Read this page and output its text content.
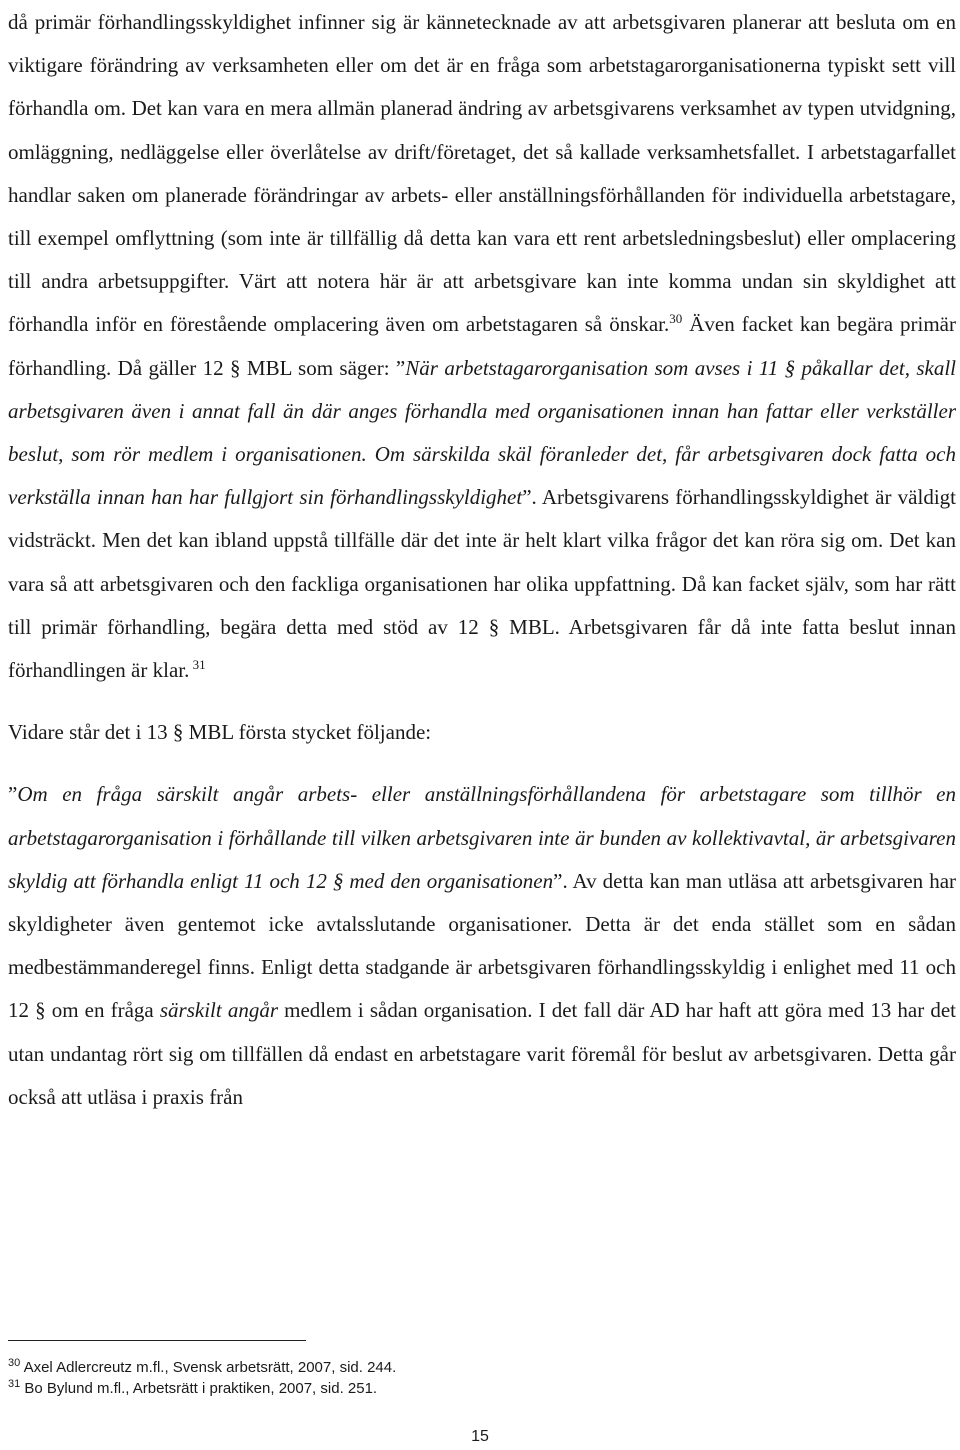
då primär förhandlingsskyldighet infinner sig är kännetecknade av att arbetsgivaren planerar att besluta om en viktigare förändring av verksamheten eller om det är en fråga som arbetstagarorganisationerna typiskt sett vill förhandla om. Det kan vara en mera allmän planerad ändring av arbetsgivarens verksamhet av typen utvidgning, omläggning, nedläggelse eller överlåtelse av drift/företaget, det så kallade verksamhetsfallet. I arbetstagarfallet handlar saken om planerade förändringar av arbets- eller anställningsförhållanden för individuella arbetstagare, till exempel omflyttning (som inte är tillfällig då detta kan vara ett rent arbetsledningsbeslut) eller omplacering till andra arbetsuppgifter. Värt att notera här är att arbetsgivare kan inte komma undan sin skyldighet att förhandla inför en förestående omplacering även om arbetstagaren så önskar.$^{30}$ Även facket kan begära primär förhandling. Då gäller 12 § MBL som säger: ”När arbetstagarorganisation som avses i 11 § påkallar det, skall arbetsgivaren även i annat fall än där anges förhandla med organisationen innan han fattar eller verkställer beslut, som rör medlem i organisationen. Om särskilda skäl föranleder det, får arbetsgivaren dock fatta och verkställa innan han har fullgjort sin förhandlingsskyldighet”. Arbetsgivarens förhandlingsskyldighet är väldigt vidsträckt. Men det kan ibland uppstå tillfälle där det inte är helt klart vilka frågor det kan röra sig om. Det kan vara så att arbetsgivaren och den fackliga organisationen har olika uppfattning. Då kan facket själv, som har rätt till primär förhandling, begära detta med stöd av 12 § MBL. Arbetsgivaren får då inte fatta beslut innan förhandlingen är klar. $^{31}$

Vidare står det i 13 § MBL första stycket följande:

”Om en fråga särskilt angår arbets- eller anställningsförhållandena för arbetstagare som tillhör en arbetstagarorganisation i förhållande till vilken arbetsgivaren inte är bunden av kollektivavtal, är arbetsgivaren skyldig att förhandla enligt 11 och 12 § med den organisationen”. Av detta kan man utläsa att arbetsgivaren har skyldigheter även gentemot icke avtalsslutande organisationer. Detta är det enda stället som en sådan medbestämmanderegel finns. Enligt detta stadgande är arbetsgivaren förhandlingsskyldig i enlighet med 11 och 12 § om en fråga särskilt angår medlem i sådan organisation. I det fall där AD har haft att göra med 13 har det utan undantag rört sig om tillfällen då endast en arbetstagare varit föremål för beslut av arbetsgivaren. Detta går också att utläsa i praxis från

$^{30}$ Axel Adlercreutz m.fl., Svensk arbetsrätt, 2007, sid. 244.

$^{31}$ Bo Bylund m.fl., Arbetsrätt i praktiken, 2007, sid. 251.

15
